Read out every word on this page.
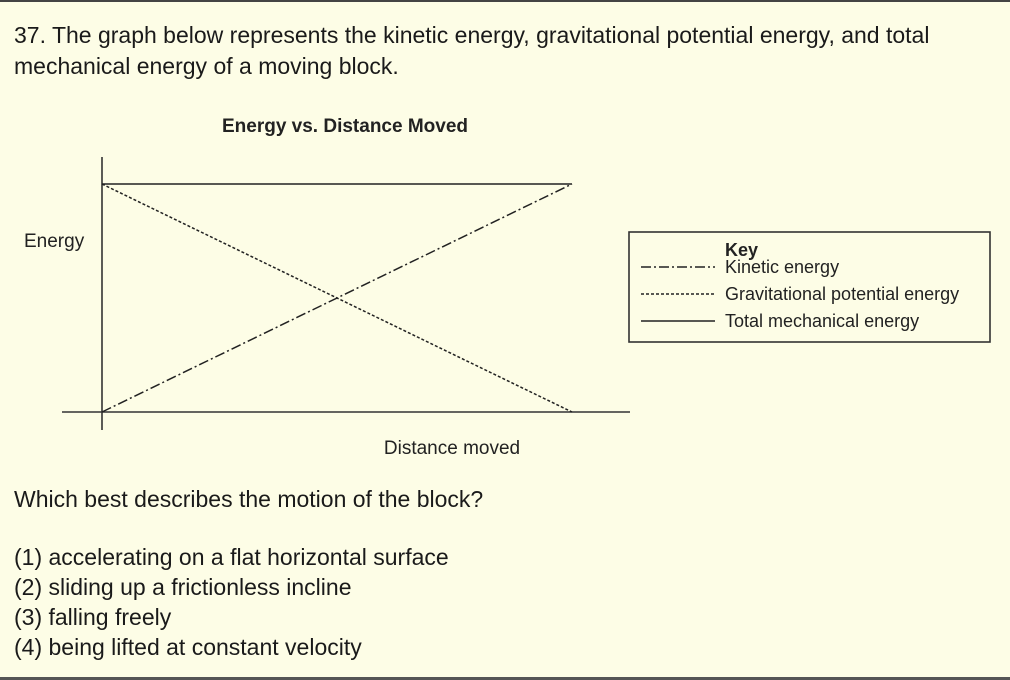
37. The graph below represents the kinetic energy, gravitational potential energy, and total mechanical energy of a moving block.

Energy vs. Distance Moved
Energy
Distance moved
Key
Kinetic energy
Gravitational potential energy
Total mechanical energy

Which best describes the motion of the block?

(1) accelerating on a flat horizontal surface
(2) sliding up a frictionless incline
(3) falling freely
(4) being lifted at constant velocity
